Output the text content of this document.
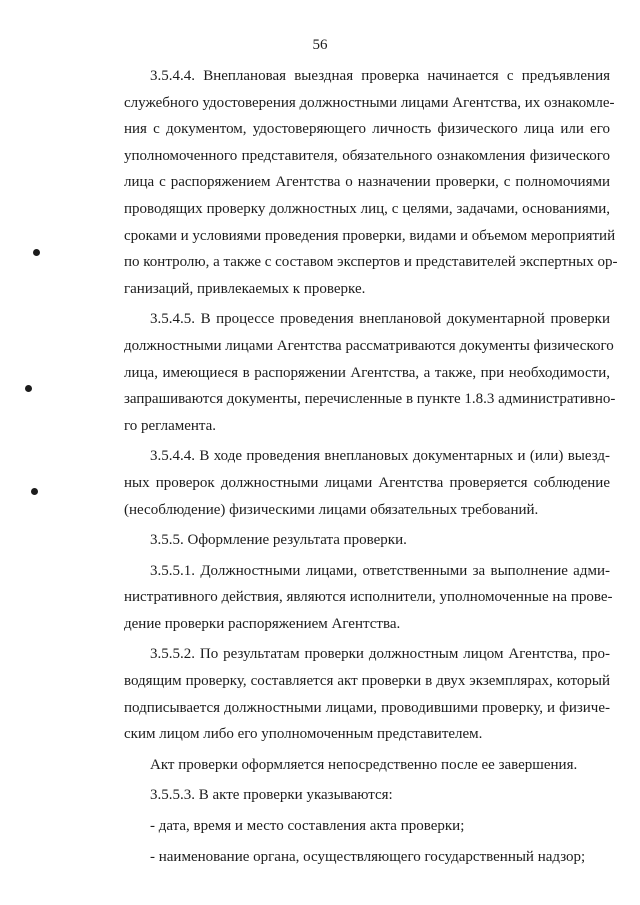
56
3.5.4.4. Внеплановая выездная проверка начинается с предъявления
служебного удостоверения должностными лицами Агентства, их ознакомле-
ния с документом, удостоверяющего личность физического лица или его
уполномоченного представителя, обязательного ознакомления физического
лица с распоряжением Агентства о назначении проверки, с полномочиями
проводящих проверку должностных лиц, с целями, задачами, основаниями,
сроками и условиями проведения проверки, видами и объемом мероприятий
по контролю, а также с составом экспертов и представителей экспертных ор-
ганизаций, привлекаемых к проверке.
3.5.4.5. В процессе проведения внеплановой документарной проверки
должностными лицами Агентства рассматриваются документы физического
лица, имеющиеся в распоряжении Агентства, а также, при необходимости,
запрашиваются документы, перечисленные в пункте 1.8.3 административно-
го регламента.
3.5.4.4. В ходе проведения внеплановых документарных и (или) выезд-
ных проверок должностными лицами Агентства проверяется соблюдение
(несоблюдение) физическими лицами обязательных требований.
3.5.5. Оформление результата проверки.
3.5.5.1. Должностными лицами, ответственными за выполнение адми-
нистративного действия, являются исполнители, уполномоченные на прове-
дение проверки распоряжением Агентства.
3.5.5.2. По результатам проверки должностным лицом Агентства, про-
водящим проверку, составляется акт проверки в двух экземплярах, который
подписывается должностными лицами, проводившими проверку, и физиче-
ским лицом либо его уполномоченным представителем.
Акт проверки оформляется непосредственно после ее завершения.
3.5.5.3. В акте проверки указываются:
- дата, время и место составления акта проверки;
- наименование органа, осуществляющего государственный надзор;
